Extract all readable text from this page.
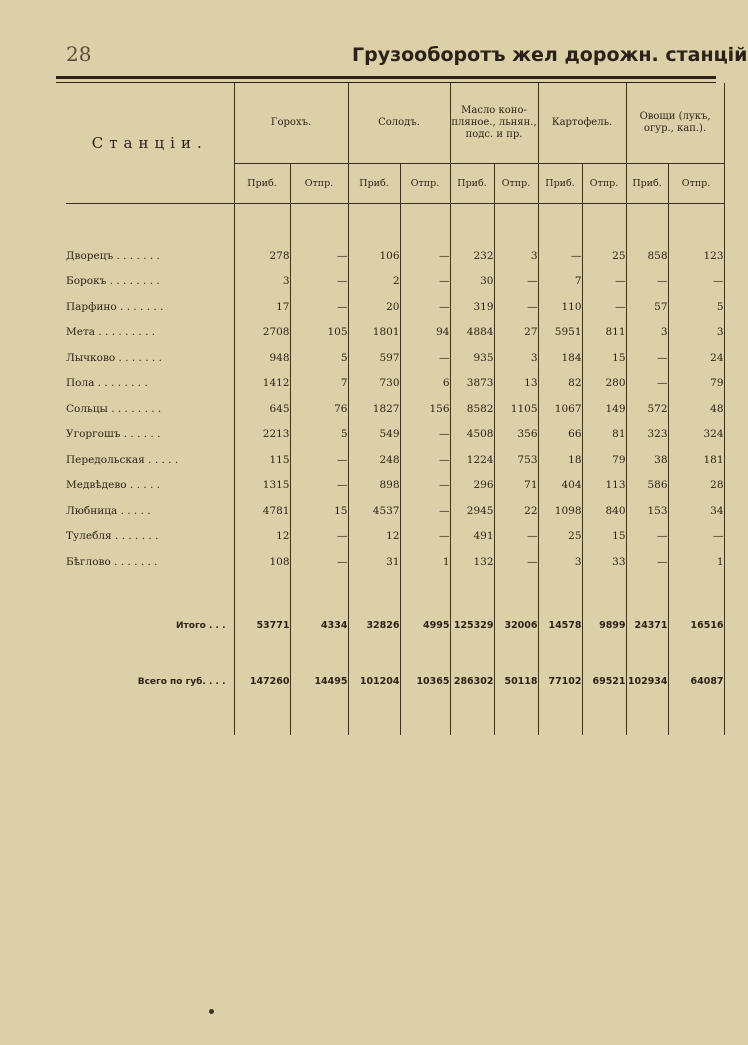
28	Грузооборотъ жел дорожн. станцій
Станціи.	Горохъ.		Солодъ.		Масло коно-пляное., льнян., подс. и пр.		Картофель.		Овощи (лукъ, огур., кап.).	
	Приб.	Отпр.	Приб.	Отпр.	Приб.	Отпр.	Приб.	Отпр.	Приб.	Отпр.

Дворецъ . . . . . . .	278	—	106	—	232	3	—	25	858	123
Борокъ . . . . . . . .	3	—	2	—	30	—	7	—	—	—
Парфино . . . . . . .	17	—	20	—	319	—	110	—	57	5
Мета . . . . . . . . .	2708	105	1801	94	4884	27	5951	811	3	3
Лычково . . . . . . .	948	5	597	—	935	3	184	15	—	24
Пола . . . . . . . .	1412	7	730	6	3873	13	82	280	—	79
Сольцы . . . . . . . .	645	76	1827	156	8582	1105	1067	149	572	48
Угоргошъ . . . . . .	2213	5	549	—	4508	356	66	81	323	324
Передольская . . . . .	115	—	248	—	1224	753	18	79	38	181
Медвѣдево . . . . .	1315	—	898	—	296	71	404	113	586	28
Любница . . . . .	4781	15	4537	—	2945	22	1098	840	153	34
Тулебля . . . . . . .	12	—	12	—	491	—	25	15	—	—
Бѣглово . . . . . . .	108	—	31	1	132	—	3	33	—	1

Итого . . .	53771	4334	32826	4995	125329	32006	14578	9899	24371	16516

Всего по губ. . . .	147260	14495	101204	10365	286302	50118	77102	69521	102934	64087
